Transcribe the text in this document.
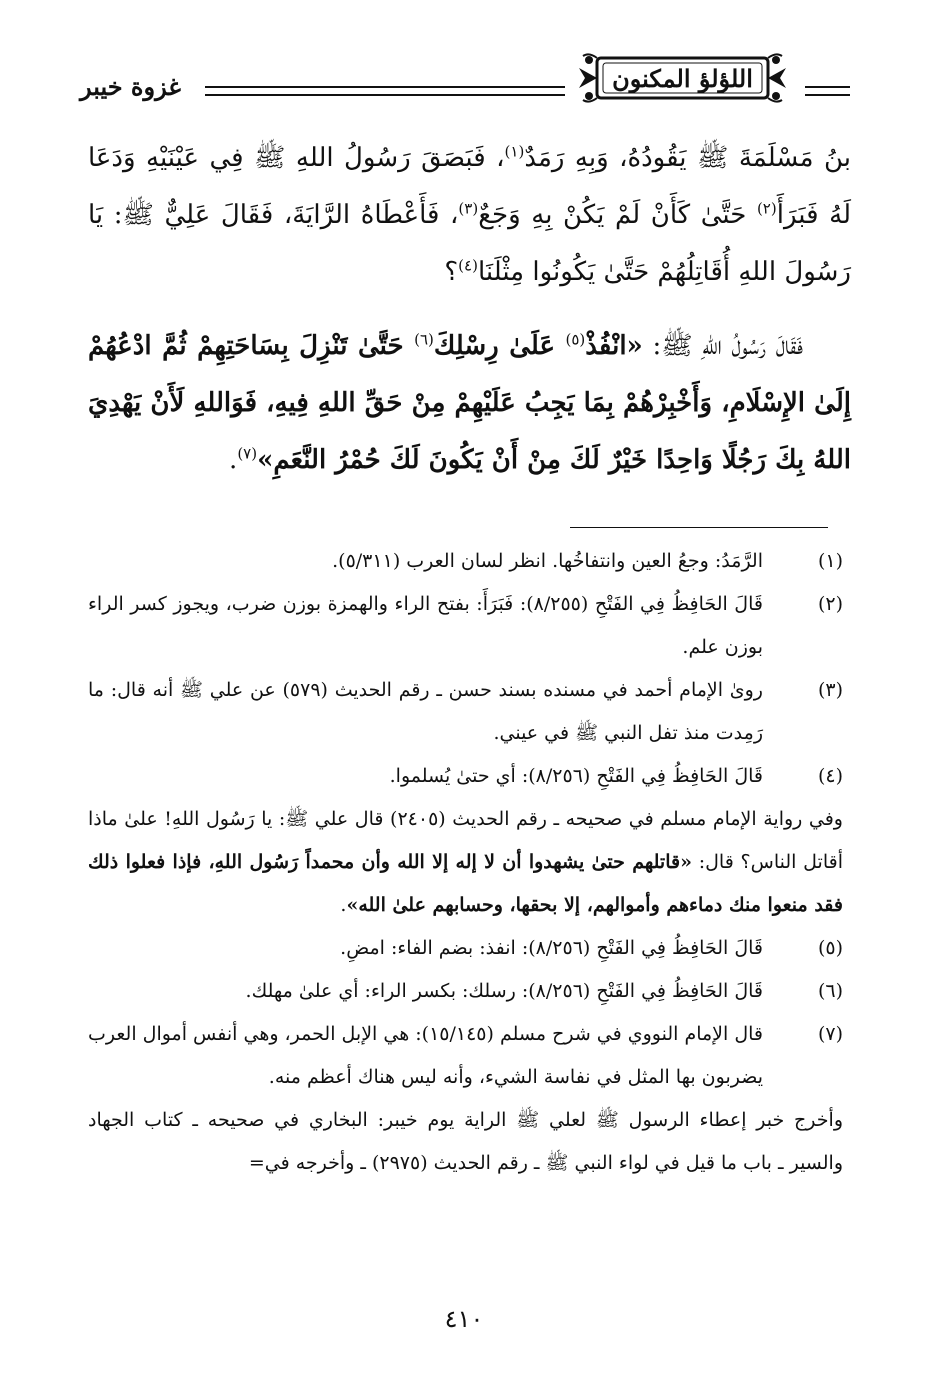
غزوة خيبر	اللؤلؤ المكنون

بنُ مَسْلَمَةَ ﷺ يَقُودُهُ، وَبِهِ رَمَدٌ$^{(١)}$، فَبَصَقَ رَسُولُ اللهِ ﷺ فِي عَيْنَيْهِ وَدَعَا لَهُ فَبَرَأَ$^{(٢)}$ حَتَّىٰ كَأَنْ لَمْ يَكُنْ بِهِ وَجَعٌ$^{(٣)}$، فَأَعْطَاهُ الرَّايَةَ، فَقَالَ عَلِيٌّ ﷺ: يَا رَسُولَ اللهِ أُقَاتِلُهُمْ حَتَّىٰ يَكُونُوا مِثْلَنَا$^{(٤)}$؟

فَقَالَ رَسُولُ اللهِ ﷺ: «انْفُذْ$^{(٥)}$ عَلَىٰ رِسْلِكَ$^{(٦)}$ حَتَّىٰ تَنْزِلَ بِسَاحَتِهِمْ ثُمَّ ادْعُهُمْ إِلَىٰ الإِسْلَامِ، وَأَخْبِرْهُمْ بِمَا يَجِبُ عَلَيْهِمْ مِنْ حَقِّ اللهِ فِيهِ، فَوَاللهِ لَأَنْ يَهْدِيَ اللهُ بِكَ رَجُلًا وَاحِدًا خَيْرٌ لَكَ مِنْ أَنْ يَكُونَ لَكَ حُمْرُ النَّعَمِ»$^{(٧)}$.

(١)
الرَّمَدُ: وجعُ العين وانتفاخُها. انظر لسان العرب (٥/٣١١).
(٢)
قَالَ الحَافِظُ فِي الفَتْحِ (٨/٢٥٥): فَبَرَأَ: بفتح الراء والهمزة بوزن ضرب، ويجوز كسر الراء بوزن علم.
(٣)
روىٰ الإمام أحمد في مسنده بسند حسن ـ رقم الحديث (٥٧٩) عن علي ﷺ أنه قال: ما رَمِدت منذ تفل النبي ﷺ في عيني.
(٤)
قَالَ الحَافِظُ فِي الفَتْحِ (٨/٢٥٦): أي حتىٰ يُسلموا.
وفي رواية الإمام مسلم في صحيحه ـ رقم الحديث (٢٤٠٥) قال علي ﷺ: يا رَسُول اللهِ! علىٰ ماذا أقاتل الناس؟ قال: «قاتلهم حتىٰ يشهدوا أن لا إله إلا الله وأن محمداً رَسُول اللهِ، فإذا فعلوا ذلك فقد منعوا منك دماءهم وأموالهم، إلا بحقها، وحسابهم علىٰ الله».
(٥)
قَالَ الحَافِظُ فِي الفَتْحِ (٨/٢٥٦): انفذ: بضم الفاء: امضِ.
(٦)
قَالَ الحَافِظُ فِي الفَتْحِ (٨/٢٥٦): رسلك: بكسر الراء: أي علىٰ مهلك.
(٧)
قال الإمام النووي في شرح مسلم (١٥/١٤٥): هي الإبل الحمر، وهي أنفس أموال العرب يضربون بها المثل في نفاسة الشيء، وأنه ليس هناك أعظم منه.
وأخرج خبر إعطاء الرسول ﷺ لعلي ﷺ الراية يوم خيبر: البخاري في صحيحه ـ كتاب الجهاد والسير ـ باب ما قيل في لواء النبي ﷺ ـ رقم الحديث (٢٩٧٥) ـ وأخرجه في=
٤١٠
